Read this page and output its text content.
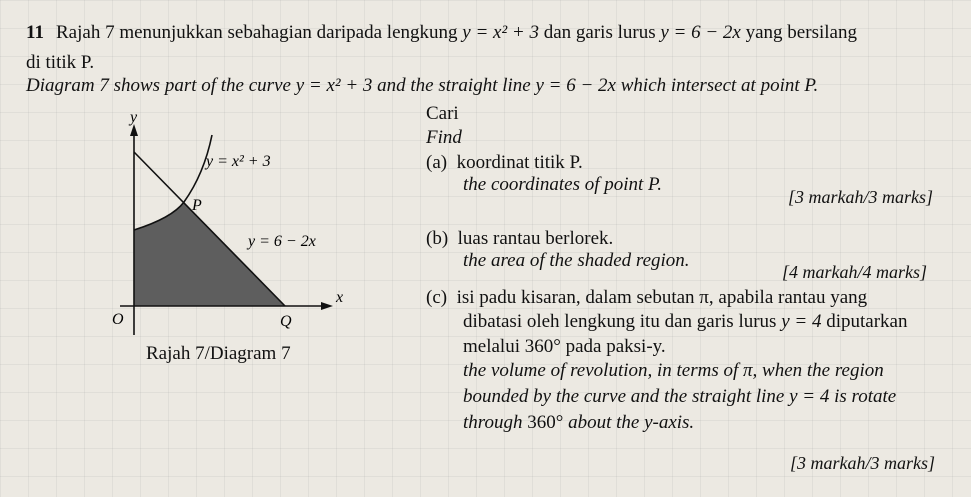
11 Rajah 7 menunjukkan sebahagian daripada lengkung y = x² + 3 dan garis lurus y = 6 − 2x yang bersilang
di titik P.
Diagram 7 shows part of the curve y = x² + 3 and the straight line y = 6 − 2x which intersect at point P.
y
x
O
P
Q
y = x² + 3
y = 6 − 2x
Rajah 7/Diagram 7
Cari
Find
(a) koordinat titik P.
the coordinates of point P.
[3 markah/3 marks]
(b) luas rantau berlorek.
the area of the shaded region.
[4 markah/4 marks]
(c) isi padu kisaran, dalam sebutan π, apabila rantau yang
dibatasi oleh lengkung itu dan garis lurus y = 4 diputarkan
melalui 360° pada paksi-y.
the volume of revolution, in terms of π, when the region
bounded by the curve and the straight line y = 4 is rotate
through 360° about the y-axis.
[3 markah/3 marks]
